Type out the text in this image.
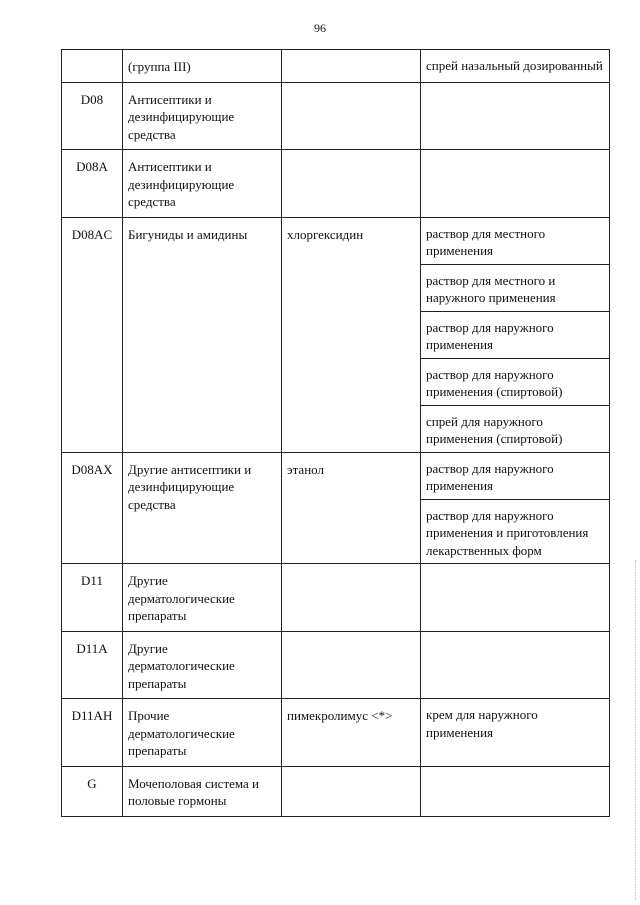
96
	(группа III)		спрей назальный дозированный
D08	Антисептики и дезинфицирующие средства		
D08A	Антисептики и дезинфицирующие средства		
D08AC	Бигуниды и амидины	хлоргексидин	раствор для местного применения
			раствор для местного и наружного применения
			раствор для наружного применения
			раствор для наружного применения (спиртовой)
			спрей для наружного применения (спиртовой)
D08AX	Другие антисептики и дезинфицирующие средства	этанол	раствор для наружного применения
			раствор для наружного применения и приготовления лекарственных форм
D11	Другие дерматологические препараты		
D11A	Другие дерматологические препараты		
D11AH	Прочие дерматологические препараты	пимекролимус <*>	крем для наружного применения
G	Мочеполовая система и половые гормоны		
